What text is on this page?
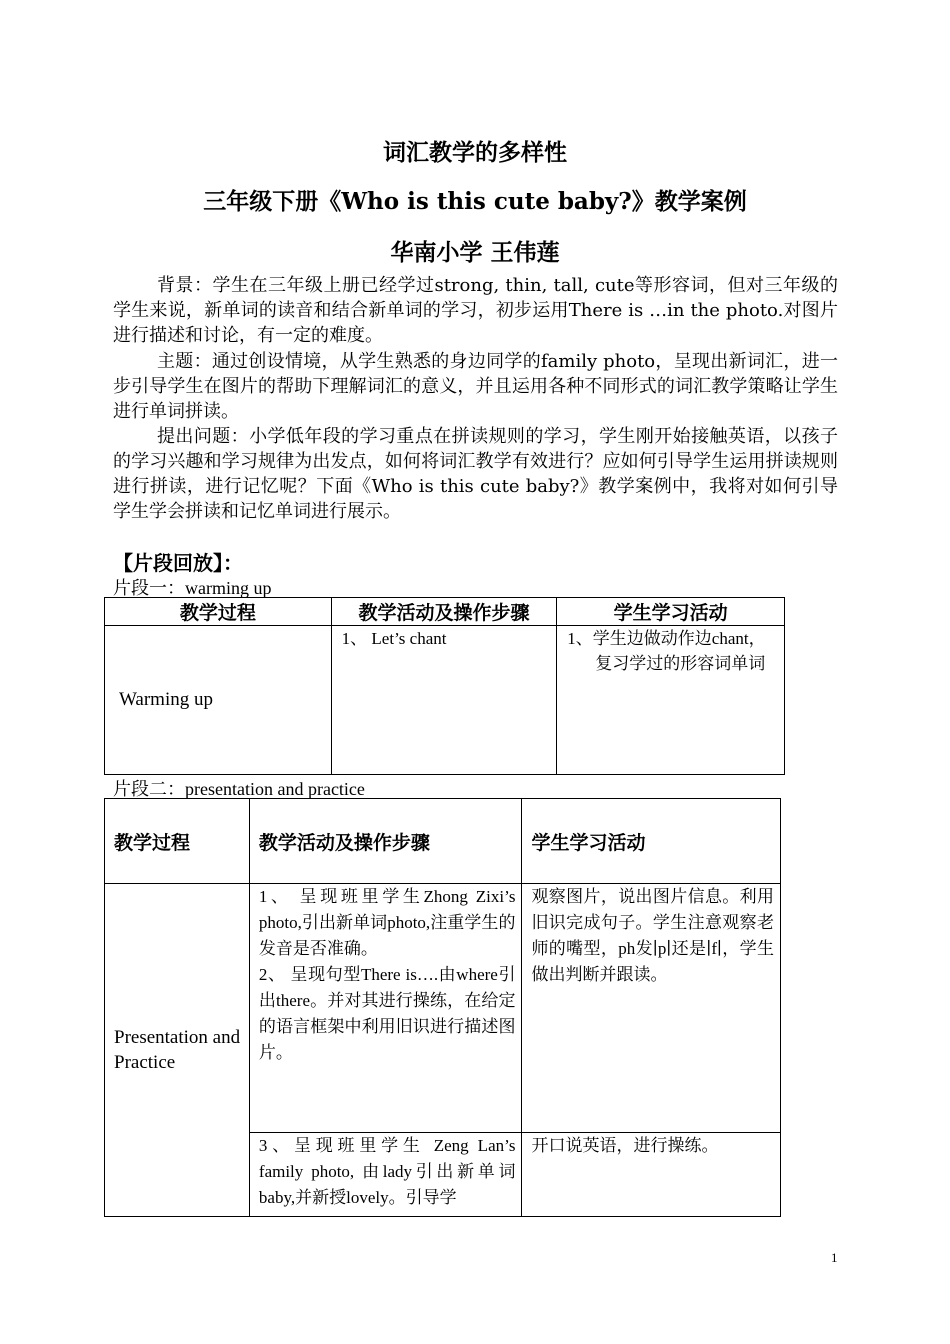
词汇教学的多样性
三年级下册《Who is this cute baby?》教学案例
华南小学 王伟莲

背景：学生在三年级上册已经学过strong, thin, tall, cute等形容词，但对三年级的学生来说，新单词的读音和结合新单词的学习，初步运用There is …in the photo.对图片进行描述和讨论，有一定的难度。

主题：通过创设情境，从学生熟悉的身边同学的family photo，呈现出新词汇，进一步引导学生在图片的帮助下理解词汇的意义，并且运用各种不同形式的词汇教学策略让学生进行单词拼读。

提出问题：小学低年段的学习重点在拼读规则的学习，学生刚开始接触英语，以孩子的学习兴趣和学习规律为出发点，如何将词汇教学有效进行？应如何引导学生运用拼读规则进行拼读，进行记忆呢？下面《Who is this cute baby?》教学案例中，我将对如何引导学生学会拼读和记忆单词进行展示。

【片段回放】：
片段一：warming up
教学过程	教学活动及操作步骤	学生学习活动
Warming up	1、 Let’s chant	1、学生边做动作边chant，复习学过的形容词单词
片段二：presentation and practice
教学过程	教学活动及操作步骤	学生学习活动
Presentation and Practice	1、 呈现班里学生Zhong Zixi’s photo,引出新单词photo,注重学生的发音是否准确。
2、 呈现句型There is….由where引出there。并对其进行操练，在给定的语言框架中利用旧识进行描述图片。	观察图片，说出图片信息。利用旧识完成句子。学生注意观察老师的嘴型，ph发∣p∣还是∣f∣，学生做出判断并跟读。

	3、呈现班里学生 Zeng Lan’s family photo, 由lady引出新单词baby,并新授lovely。引导学	开口说英语，进行操练。
1
